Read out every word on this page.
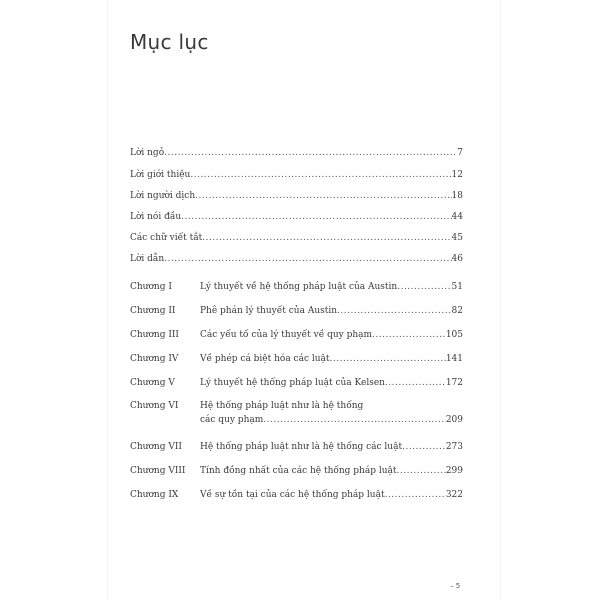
Mục lục
Lời ngỏ .....	7
Lời giới thiệu .....	12
Lời người dịch .....	18
Lời nói đầu .....	44
Các chữ viết tắt .....	45
Lời dẫn .....	46
Chương I	Lý thuyết về hệ thống pháp luật của Austin .....	51
Chương II	Phê phán lý thuyết của Austin .....	82
Chương III	Các yếu tố của lý thuyết về quy phạm .....	105
Chương IV	Về phép cá biệt hóa các luật .....	141
Chương V	Lý thuyết hệ thống pháp luật của Kelsen .....	172
Chương VI	Hệ thống pháp luật như là hệ thống
các quy phạm .....	209
Chương VII	Hệ thống pháp luật như là hệ thống các luật .....	273
Chương VIII	Tính đồng nhất của các hệ thống pháp luật .....	299
Chương IX	Về sự tồn tại của các hệ thống pháp luật .....	322
– 5
